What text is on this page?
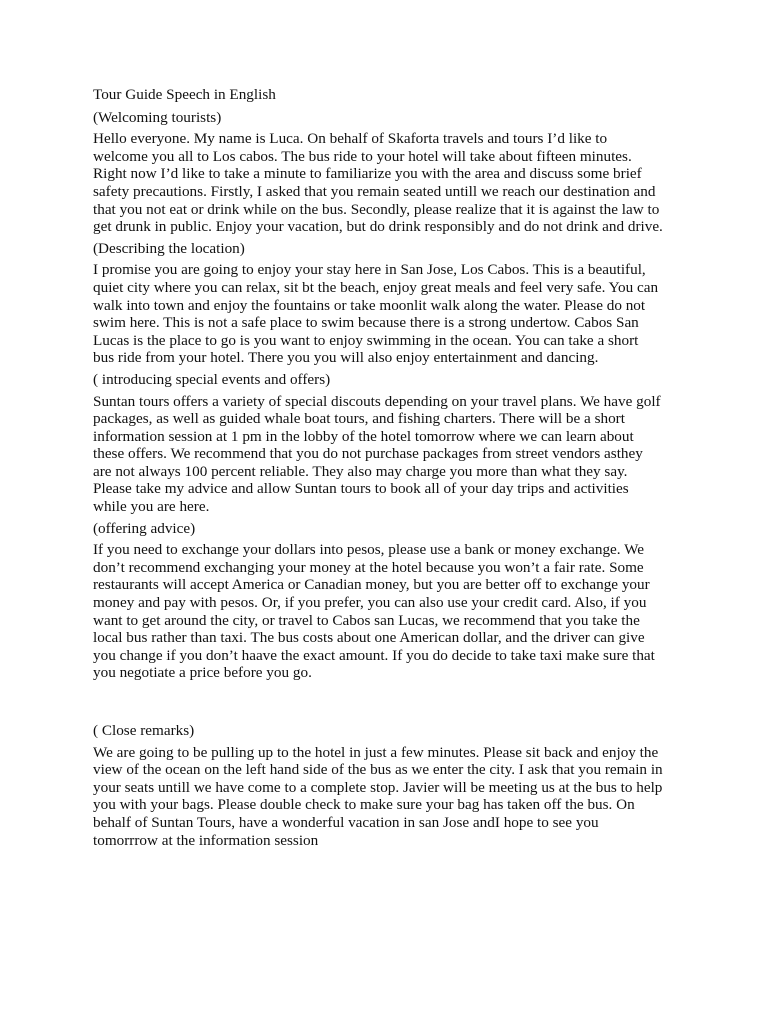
Tour Guide Speech in English

(Welcoming tourists)

Hello everyone. My name is Luca. On behalf of Skaforta travels and tours I’d like to

welcome you all to Los cabos. The bus ride to your hotel will take about fifteen minutes.

Right now I’d like to take a minute to familiarize you with the area and discuss some brief

safety precautions. Firstly, I asked that you remain seated untill we reach our destination and

that you not eat or drink while on the bus. Secondly, please realize that it is against the law to

get drunk in public. Enjoy your vacation, but do drink responsibly and do not drink and drive.

(Describing the location)

I promise you are going to enjoy your stay here in San Jose, Los Cabos. This is a beautiful,

quiet city where you can relax, sit bt the beach, enjoy great meals and feel very safe. You can

walk into town and enjoy the fountains or take moonlit walk along the water. Please do not

swim here. This is not a safe place to swim because there is a strong undertow. Cabos San

Lucas is the place to go is you want to enjoy swimming in the ocean. You can take a short

bus ride from your hotel. There you you will also enjoy entertainment and dancing.

( introducing special events and offers)

Suntan tours offers a variety of special discouts depending on your travel plans. We have golf

packages, as well as guided whale boat tours, and fishing charters. There will be a short

information session at 1 pm in the lobby of the hotel tomorrow where we can learn about

these offers. We recommend that you do not purchase packages from street vendors asthey

are not always 100 percent reliable. They also may charge you more than what they say.

Please take my advice and allow Suntan tours to book all of your day trips and activities

while you are here.

(offering advice)

If you need to exchange your dollars into pesos, please use a bank or money exchange. We

don’t recommend exchanging your money at the hotel because you won’t a fair rate. Some

restaurants will accept America or Canadian money, but you are better off to exchange your

money and pay with pesos. Or, if you prefer, you can also use your credit card. Also, if you

want to get around the city, or travel to Cabos san Lucas, we recommend that you take the

local bus rather than taxi. The bus costs about one American dollar, and the driver can give

you change if you don’t haave the exact amount. If you do decide to take taxi make sure that

you negotiate a price before you go.

( Close remarks)

We are going to be pulling up to the hotel in just a few minutes. Please sit back and enjoy the

view of the ocean on the left hand side of the bus as we enter the city. I ask that you remain in

your seats untill we have come to a complete stop. Javier will be meeting us at the bus to help

you with your bags. Please double check to make sure your bag has taken off the bus. On

behalf of Suntan Tours, have a wonderful vacation in san Jose andI hope to see you

tomorrrow at the information session
